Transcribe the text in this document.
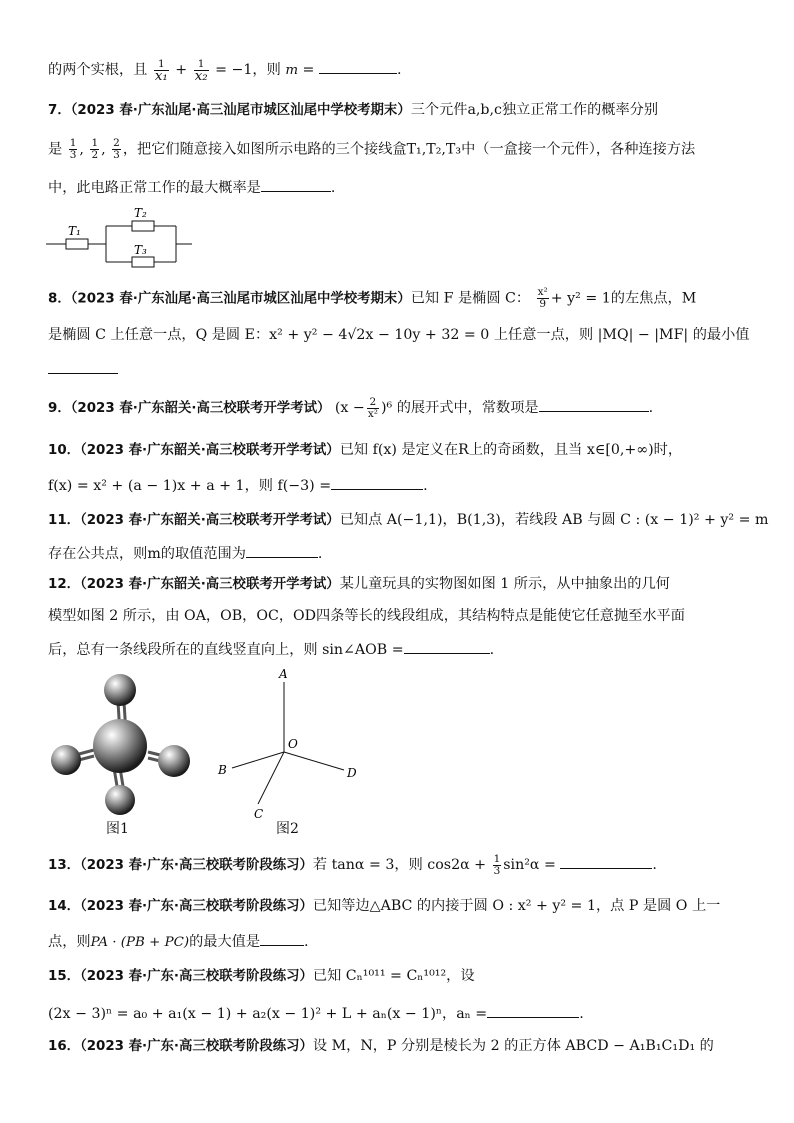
的两个实根，且 $\frac{1}{\text{x₁}} + \frac{1}{\text{x₂}} = -1$，则 m =	.
7．（2023 春·广东汕尾·高三汕尾市城区汕尾中学校考期末）三个元件a,b,c独立正常工作的概率分别
是 $\frac{1}{3}$ , $\frac{1}{2}$ , $\frac{2}{3}$ ，把它们随意接入如图所示电路的三个接线盒T₁,T₂,T₃中（一盒接一个元件），各种连接方法
中，此电路正常工作的最大概率是	.
T₁
T₂
T₃
8．（2023 春·广东汕尾·高三汕尾市城区汕尾中学校考期末）已知 F 是椭圆 C： $\frac{\text{x²}}{9} + y^2 = 1$的左焦点，M
是椭圆 C 上任意一点，Q 是圆 E：x² + y² − 4√2x − 10y + 32 = 0 上任意一点，则 |MQ| − |MF| 的最小值
9．（2023 春·广东韶关·高三校联考开学考试） $(x - \frac{2}{\text{x²}} )^6$ 的展开式中，常数项是	.
10．（2023 春·广东韶关·高三校联考开学考试）已知 f(x) 是定义在R上的奇函数，且当 x∈[0,+∞)时，
f(x) = x² + (a − 1)x + a + 1，则 f(−3) =	.
11．（2023 春·广东韶关·高三校联考开学考试）已知点 A(−1,1)，B(1,3)，若线段 AB 与圆 C : (x − 1)² + y² = m
存在公共点，则m的取值范围为	.
12．（2023 春·广东韶关·高三校联考开学考试）某儿童玩具的实物图如图 1 所示，从中抽象出的几何
模型如图 2 所示，由 OA，OB，OC，OD四条等长的线段组成，其结构特点是能使它任意抛至水平面
后，总有一条线段所在的直线竖直向上，则 sin∠AOB =	.
图1
A
B
C
D
O
图2
13．（2023 春·广东·高三校联考阶段练习）若 tanα = 3，则 $\cos 2\alpha + \frac{1}{3} \sin^2\alpha$ =	.
14．（2023 春·广东·高三校联考阶段练习）已知等边△ABC 的内接于圆 O : x² + y² = 1，点 P 是圆 O 上一
点，则PA · (PB + PC)的最大值是	.
15．（2023 春·广东·高三校联考阶段练习）已知 Cₙ¹⁰¹¹ = Cₙ¹⁰¹²，设
(2x − 3)ⁿ = a₀ + a₁(x − 1) + a₂(x − 1)² + L + aₙ(x − 1)ⁿ，aₙ =	.
16．（2023 春·广东·高三校联考阶段练习）设 M，N，P 分别是棱长为 2 的正方体 ABCD − A₁B₁C₁D₁ 的
